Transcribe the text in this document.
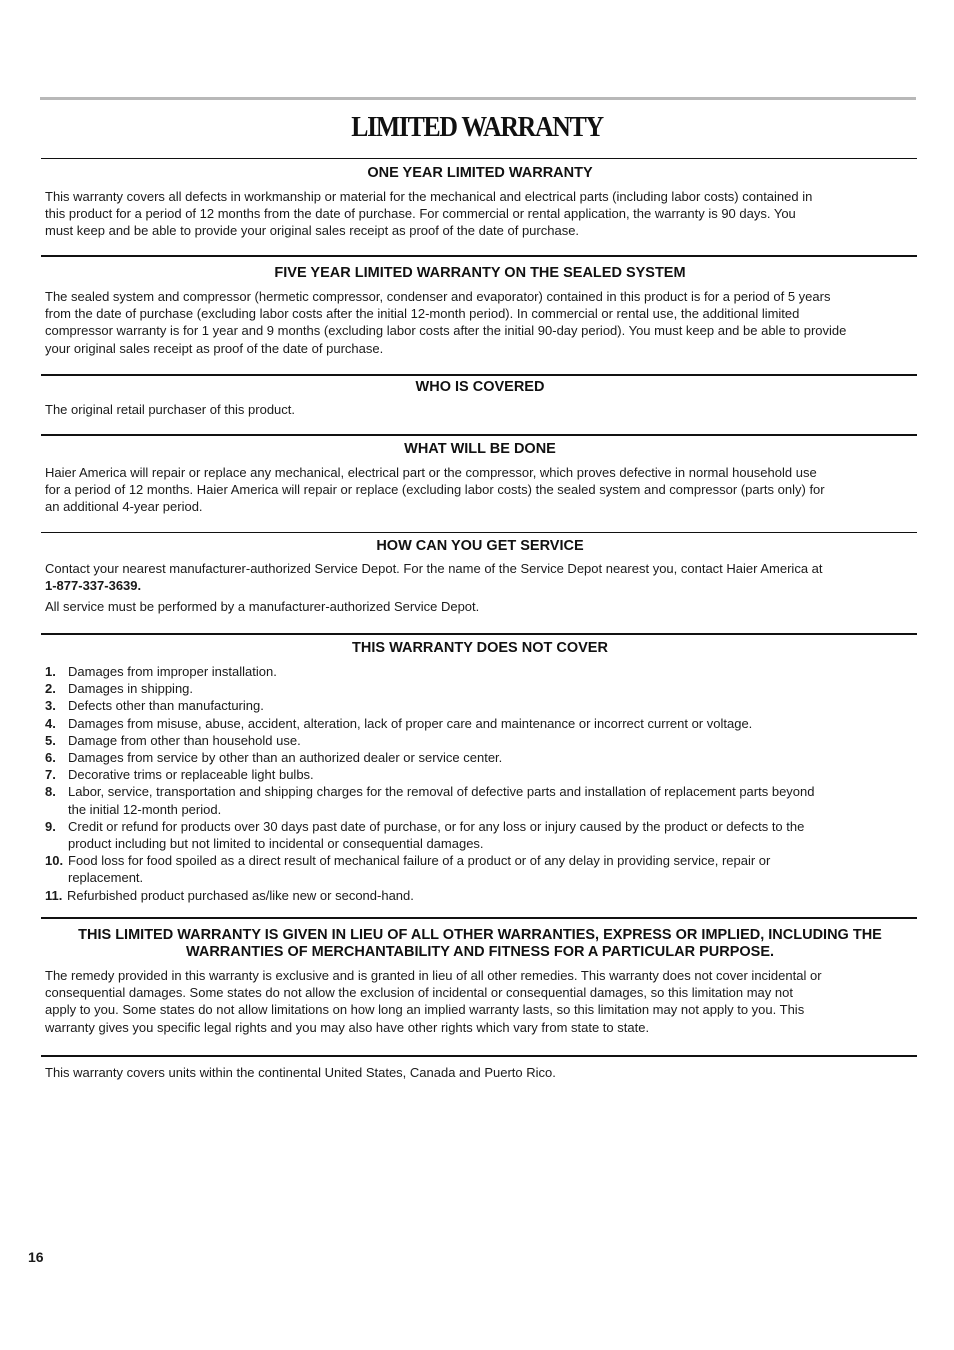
LIMITED WARRANTY
ONE YEAR LIMITED WARRANTY
This warranty covers all defects in workmanship or material for the mechanical and electrical parts (including labor costs) contained in
this product for a period of 12 months from the date of purchase. For commercial or rental application, the warranty is 90 days. You
must keep and be able to provide your original sales receipt as proof of the date of purchase.
FIVE YEAR LIMITED WARRANTY ON THE SEALED SYSTEM
The sealed system and compressor (hermetic compressor, condenser and evaporator) contained in this product is for a period of 5 years
from the date of purchase (excluding labor costs after the initial 12-month period). In commercial or rental use, the additional limited
compressor warranty is for 1 year and 9 months (excluding labor costs after the initial 90-day period). You must keep and be able to provide
your original sales receipt as proof of the date of purchase.
WHO IS COVERED
The original retail purchaser of this product.
WHAT WILL BE DONE
Haier America will repair or replace any mechanical, electrical part or the compressor, which proves defective in normal household use
for a period of 12 months. Haier America will repair or replace (excluding labor costs) the sealed system and compressor (parts only) for
an additional 4-year period.
HOW CAN YOU GET SERVICE
Contact your nearest manufacturer-authorized Service Depot. For the name of the Service Depot nearest you, contact Haier America at
1-877-337-3639.
All service must be performed by a manufacturer-authorized Service Depot.
THIS WARRANTY DOES NOT COVER
1. Damages from improper installation.
2. Damages in shipping.
3. Defects other than manufacturing.
4. Damages from misuse, abuse, accident, alteration, lack of proper care and maintenance or incorrect current or voltage.
5. Damage from other than household use.
6. Damages from service by other than an authorized dealer or service center.
7. Decorative trims or replaceable light bulbs.
8. Labor, service, transportation and shipping charges for the removal of defective parts and installation of replacement parts beyond
the initial 12-month period.
9. Credit or refund for products over 30 days past date of purchase, or for any loss or injury caused by the product or defects to the
product including but not limited to incidental or consequential damages.
10. Food loss for food spoiled as a direct result of mechanical failure of a product or of any delay in providing service, repair or
replacement.
11. Refurbished product purchased as/like new or second-hand.
THIS LIMITED WARRANTY IS GIVEN IN LIEU OF ALL OTHER WARRANTIES, EXPRESS OR IMPLIED, INCLUDING THE
WARRANTIES OF MERCHANTABILITY AND FITNESS FOR A PARTICULAR PURPOSE.
The remedy provided in this warranty is exclusive and is granted in lieu of all other remedies. This warranty does not cover incidental or
consequential damages. Some states do not allow the exclusion of incidental or consequential damages, so this limitation may not
apply to you. Some states do not allow limitations on how long an implied warranty lasts, so this limitation may not apply to you. This
warranty gives you specific legal rights and you may also have other rights which vary from state to state.
This warranty covers units within the continental United States, Canada and Puerto Rico.
16
